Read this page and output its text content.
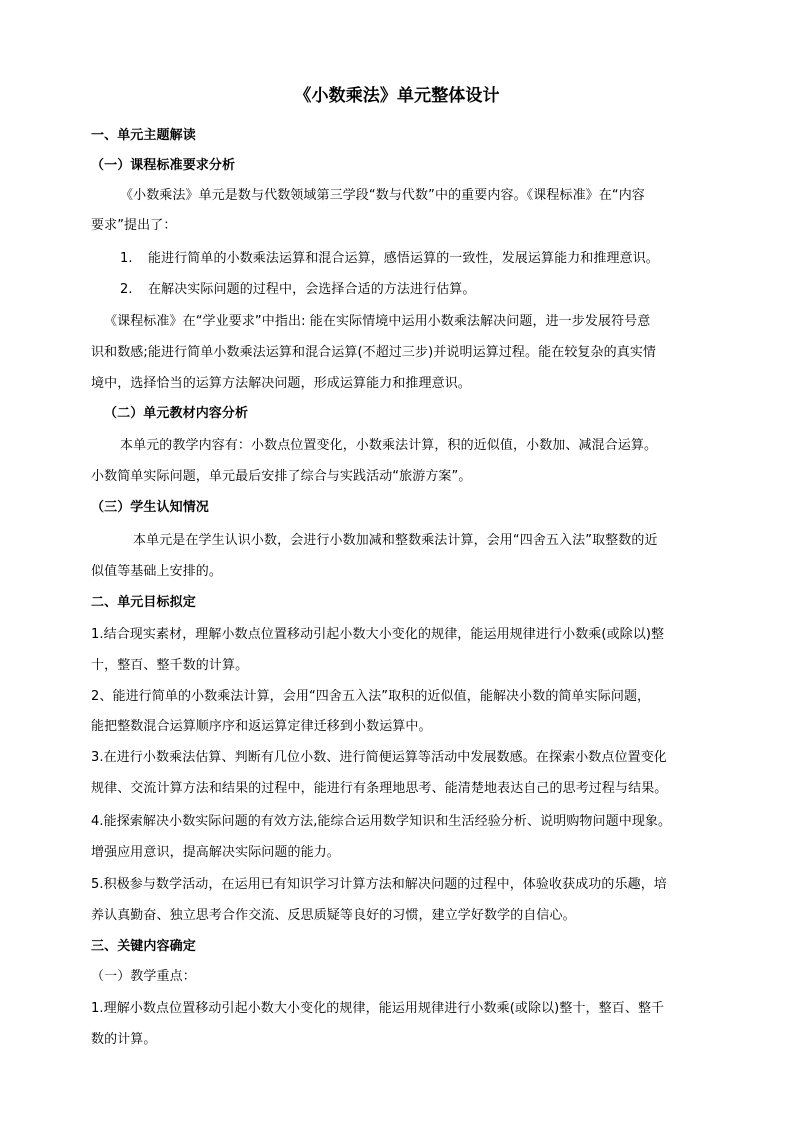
《小数乘法》单元整体设计
一、单元主题解读
（一）课程标准要求分析
《小数乘法》单元是数与代数领域第三学段“数与代数”中的重要内容。《课程标准》在“内容
要求”提出了：
1. 能进行简单的小数乘法运算和混合运算，感悟运算的一致性，发展运算能力和推理意识。
2. 在解决实际问题的过程中，会选择合适的方法进行估算。
《课程标准》在“学业要求”中指出: 能在实际情境中运用小数乘法解决问题，进一步发展符号意
识和数感;能进行简单小数乘法运算和混合运算(不超过三步)并说明运算过程。能在较复杂的真实情
境中，选择恰当的运算方法解决问题，形成运算能力和推理意识。
（二）单元教材内容分析
本单元的教学内容有：小数点位置变化，小数乘法计算，积的近似值，小数加、减混合运算。
小数简单实际问题，单元最后安排了综合与实践活动“旅游方案”。
（三）学生认知情况
本单元是在学生认识小数，会进行小数加减和整数乘法计算，会用“四舍五入法”取整数的近
似值等基础上安排的。
二、单元目标拟定
1.结合现实素材，理解小数点位置移动引起小数大小变化的规律，能运用规律进行小数乘(或除以)整
十，整百、整千数的计算。
2、能进行简单的小数乘法计算，会用“四舍五入法”取积的近似值，能解决小数的简单实际问题，
能把整数混合运算顺序序和返运算定律迁移到小数运算中。
3.在进行小数乘法估算、判断有几位小数、进行简便运算等活动中发展数感。在探索小数点位置变化
规律、交流计算方法和结果的过程中，能进行有条理地思考、能清楚地表达自己的思考过程与结果。
4.能探索解决小数实际问题的有效方法,能综合运用数学知识和生活经验分析、说明购物问题中现象。
增强应用意识，提高解决实际问题的能力。
5.积极参与数学活动，在运用已有知识学习计算方法和解决问题的过程中，体验收获成功的乐趣，培
养认真勤奋、独立思考合作交流、反思质疑等良好的习惯，建立学好数学的自信心。
三、关键内容确定
（一）教学重点：
1.理解小数点位置移动引起小数大小变化的规律，能运用规律进行小数乘(或除以)整十，整百、整千
数的计算。
